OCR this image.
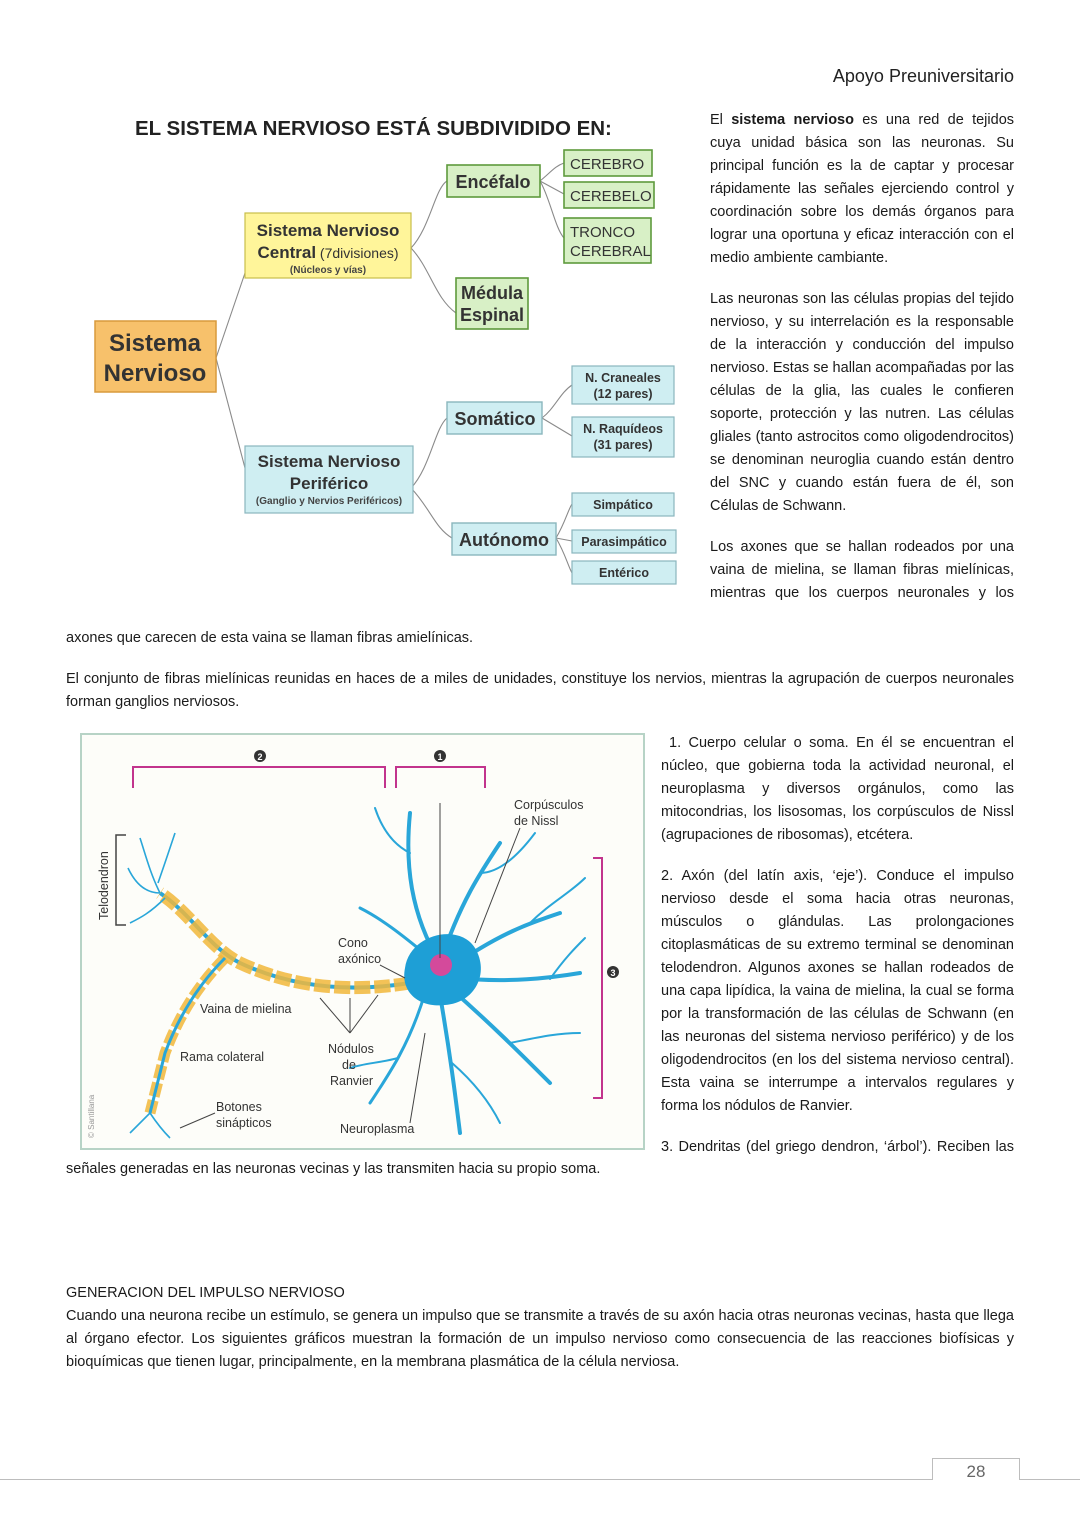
Apoyo Preuniversitario
EL SISTEMA NERVIOSO ESTÁ SUBDIVIDIDO EN:
Sistema
Nervioso
Sistema Nervioso
Central (7divisiones)
(Núcleos y vías)
Sistema Nervioso
Periférico
(Ganglio y Nervios Periféricos)
Encéfalo
Médula
Espinal
CEREBRO
CEREBELO
TRONCO
CEREBRAL
Somático
Autónomo
N. Craneales
(12 pares)
N. Raquídeos
(31 pares)
Simpático
Parasimpático
Entérico

El sistema nervioso es una red de tejidos cuya unidad básica son las neuronas. Su principal función es la de captar y procesar rápidamente las señales ejerciendo control y coordinación sobre los demás órganos para lograr una oportuna y eficaz interacción con el medio ambiente cambiante.

Las neuronas son las células propias del tejido nervioso, y su interrelación es la responsable de la interacción y conducción del impulso nervioso. Estas se hallan acompañadas por las células de la glia, las cuales le confieren soporte, protección y las nutren. Las células gliales (tanto astrocitos como oligodendrocitos) se denominan neuroglia cuando están dentro del SNC y cuando están fuera de él, son Células de Schwann.

Los axones que se hallan rodeados por una vaina de mielina, se llaman fibras mielínicas, mientras que los cuerpos neuronales y los

axones que carecen de esta vaina se llaman fibras amielínicas.
El conjunto de fibras mielínicas reunidas en haces de a miles de unidades, constituye los nervios, mientras la agrupación de cuerpos neuronales forman ganglios nerviosos.
2	1
3
Telodendron
Corpúsculos
de Nissl
Cono
axónico
Vaina de mielina
Rama colateral
Nódulos
de
Ranvier
Botones
sinápticos	Neuroplasma
© Santillana

1. Cuerpo celular o soma. En él se encuentran el núcleo, que gobierna toda la actividad neuronal, el neuroplasma y diversos orgánulos, como las mitocondrias, los lisosomas, los corpúsculos de Nissl (agrupaciones de ribosomas), etcétera.

2. Axón (del latín axis, ‘eje’). Conduce el impulso nervioso desde el soma hacia otras neuronas, músculos o glándulas. Las prolongaciones citoplasmáticas de su extremo terminal se denominan telodendron. Algunos axones se hallan rodeados de una capa lipídica, la vaina de mielina, la cual se forma por la transformación de las células de Schwann (en las neuronas del sistema nervioso periférico) y de los oligodendrocitos (en los del sistema nervioso central). Esta vaina se interrumpe a intervalos regulares y forma los nódulos de Ranvier.

3. Dendritas (del griego dendron, ‘árbol’). Reciben las

señales generadas en las neuronas vecinas y las transmiten hacia su propio soma.
GENERACION DEL IMPULSO NERVIOSO
Cuando una neurona recibe un estímulo, se genera un impulso que se transmite a través de su axón hacia otras neuronas vecinas, hasta que llega al órgano efector. Los siguientes gráficos muestran la formación de un impulso nervioso como consecuencia de las reacciones biofísicas y bioquímicas que tienen lugar, principalmente, en la membrana plasmática de la célula nerviosa.
28
